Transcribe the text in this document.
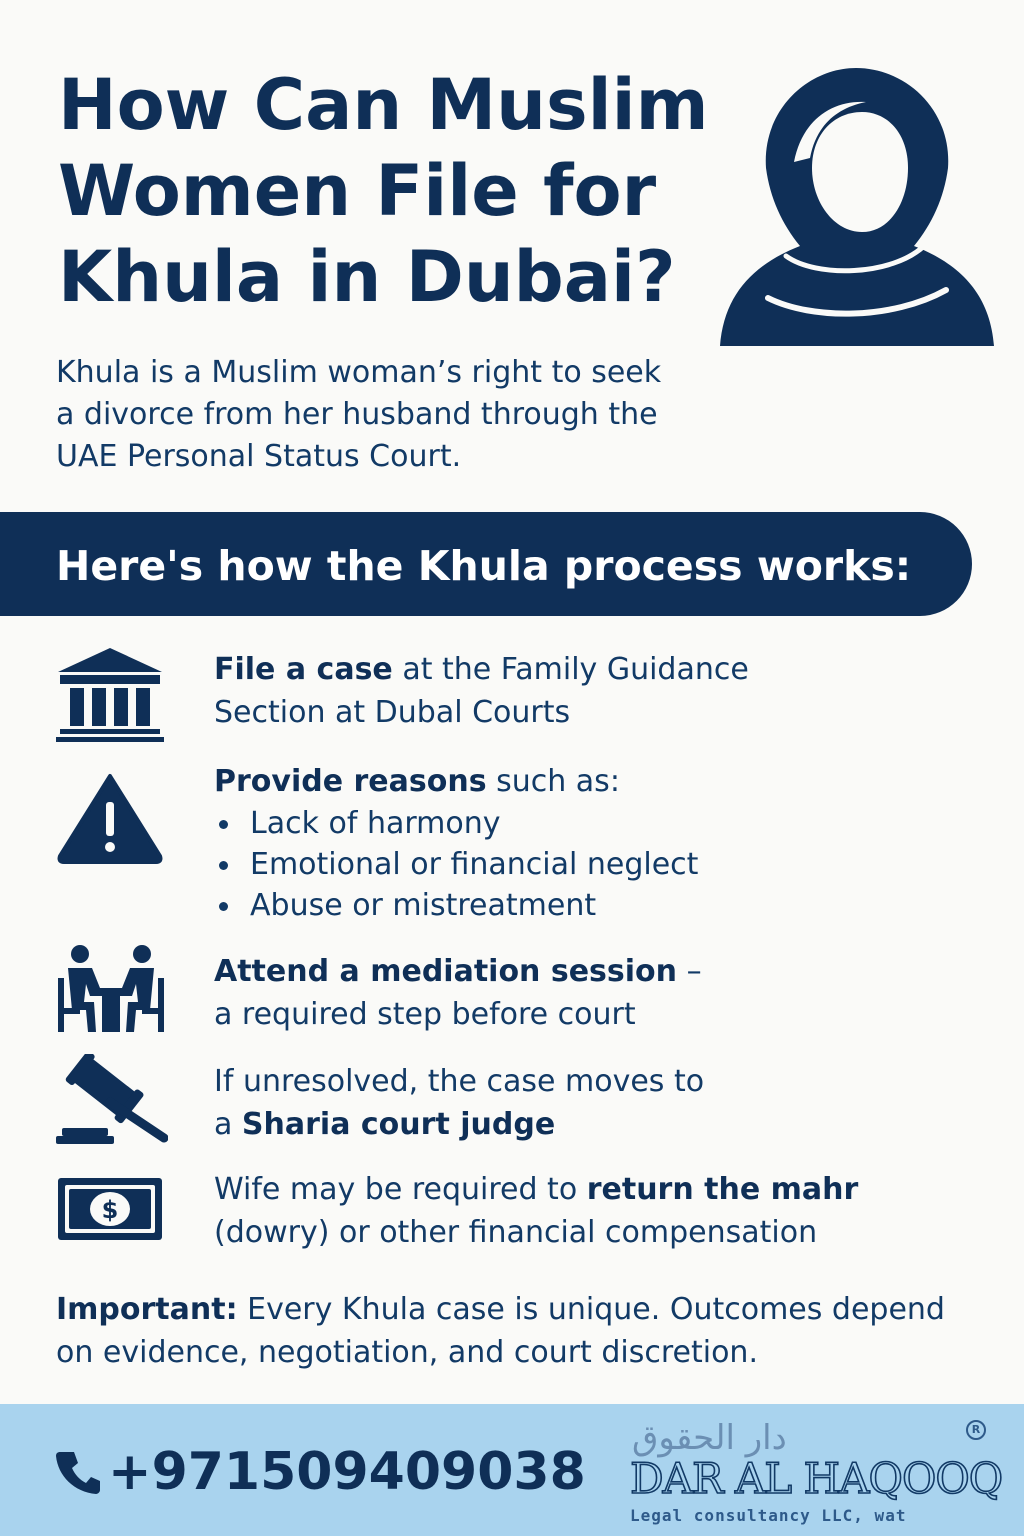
How Can Muslim
Women File for
Khula in Dubai?

Khula is a Muslim woman’s right to seek
a divorce from her husband through the
UAE Personal Status Court.

Here's how the Khula process works:
File a case at the Family Guidance
Section at Dubal Courts
Provide reasons such as:
Lack of harmony
Emotional or financial neglect
Abuse or mistreatment
Attend a mediation session –
a required step before court
If unresolved, the case moves to
a Sharia court judge
$
Wife may be required to return the mahr
(dowry) or other financial compensation

Important: Every Khula case is unique. Outcomes depend
on evidence, negotiation, and court discretion.

+971509409038
دار الحقوق	R
DAR AL HAQOOQ
Legal consultancy LLC, wat
